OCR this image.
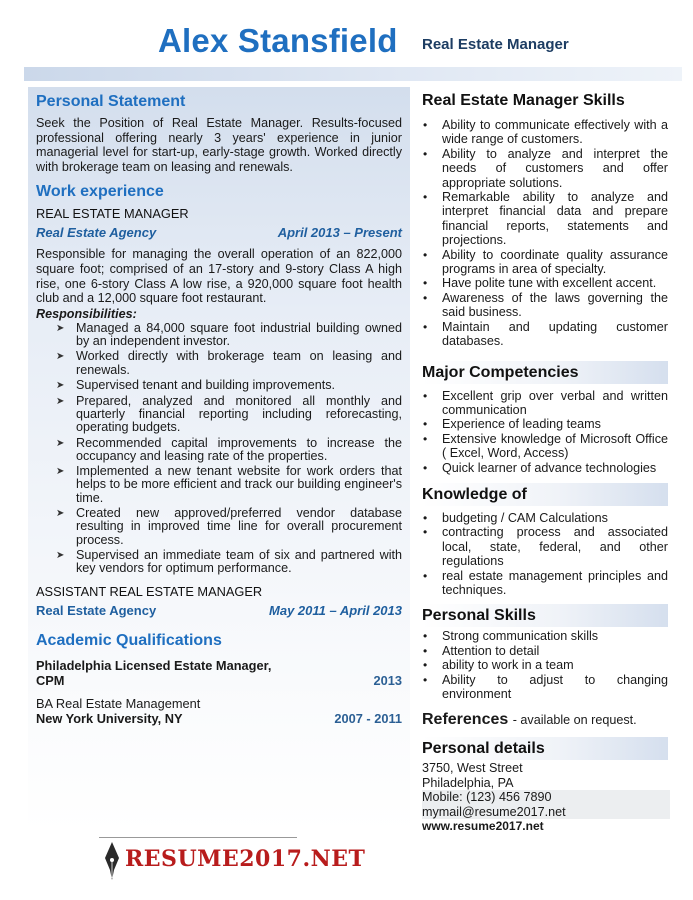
Alex Stansfield Real Estate Manager
Personal Statement

Seek the Position of Real Estate Manager. Results-focused professional offering nearly 3 years' experience in junior managerial level for start-up, early-stage growth. Worked directly with brokerage team on leasing and renewals.

Work experience
REAL ESTATE MANAGER
Real Estate Agency	April 2013 – Present

Responsible for managing the overall operation of an 822,000 square foot; comprised of an 17-story and 9-story Class A high rise, one 6-story Class A low rise, a 920,000 square foot health club and a 12,000 square foot restaurant.

Responsibilities:
➤ Managed a 84,000 square foot industrial building owned by an independent investor.
➤ Worked directly with brokerage team on leasing and renewals.
➤ Supervised tenant and building improvements.
➤ Prepared, analyzed and monitored all monthly and quarterly financial reporting including reforecasting, operating budgets.
➤ Recommended capital improvements to increase the occupancy and leasing rate of the properties.
➤ Implemented a new tenant website for work orders that helps to be more efficient and track our building engineer's time.
➤ Created new approved/preferred vendor database resulting in improved time line for overall procurement process.
➤ Supervised an immediate team of six and partnered with key vendors for optimum performance.
ASSISTANT REAL ESTATE MANAGER
Real Estate Agency	May 2011 – April 2013
Academic Qualifications
Philadelphia Licensed Estate Manager,
CPM	2013
BA Real Estate Management
New York University, NY	2007 - 2011
RESUME2017.NET
Real Estate Manager Skills
• Ability to communicate effectively with a wide range of customers.
• Ability to analyze and interpret the needs of customers and offer appropriate solutions.
• Remarkable ability to analyze and interpret financial data and prepare financial reports, statements and projections.
• Ability to coordinate quality assurance programs in area of specialty.
• Have polite tune with excellent accent.
• Awareness of the laws governing the said business.
• Maintain and updating customer databases.
Major Competencies
• Excellent grip over verbal and written communication
• Experience of leading teams
• Extensive knowledge of Microsoft Office ( Excel, Word, Access)
• Quick learner of advance technologies
Knowledge of
• budgeting / CAM Calculations
• contracting process and associated local, state, federal, and other regulations
• real estate management principles and techniques.
Personal Skills
• Strong communication skills
• Attention to detail
• ability to work in a team
• Ability to adjust to changing environment
References - available on request.
Personal details
3750, West Street
Philadelphia, PA
Mobile: (123) 456 7890
mymail@resume2017.net
www.resume2017.net
